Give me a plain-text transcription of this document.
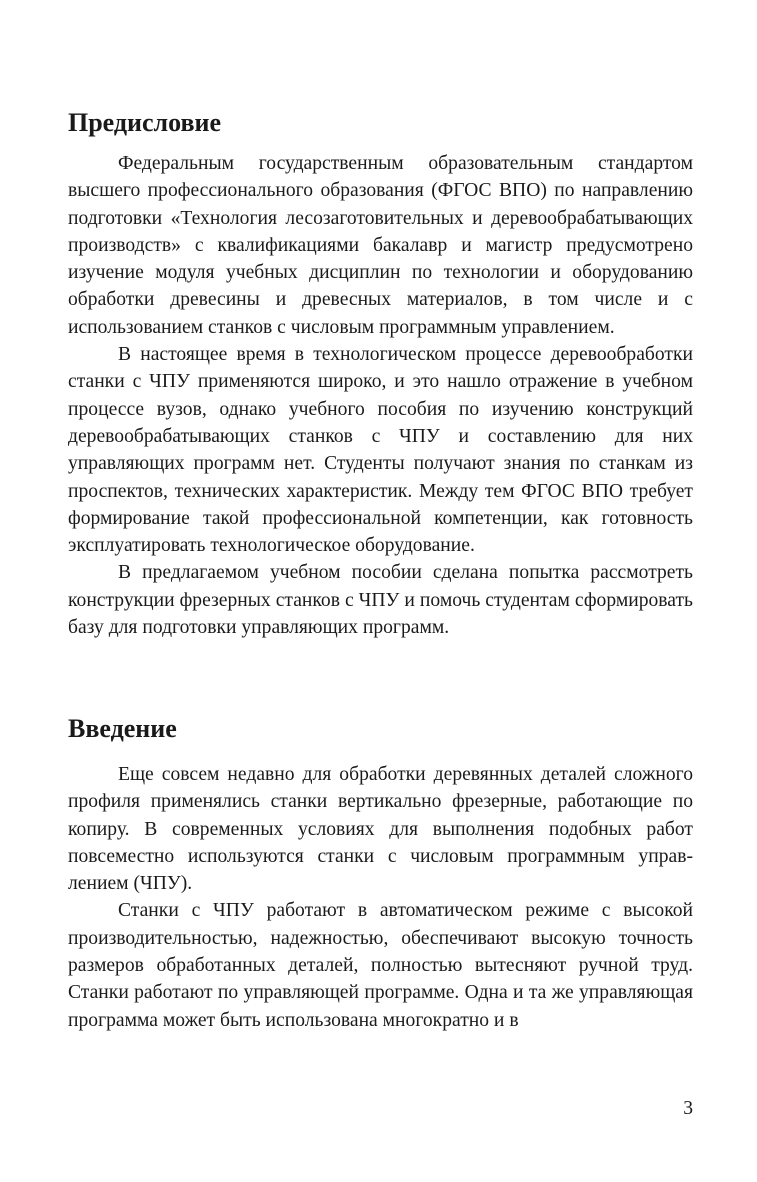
Предисловие

Федеральным государственным образовательным стандартом высшего профессионального образования (ФГОС ВПО) по направлению подготовки «Технология лесозаготовительных и деревообрабатывающих производств» с квалификациями бакалавр и магистр предусмотрено изучение модуля учебных дисциплин по технологии и оборудованию обработки древесины и древесных материалов, в том числе и с использованием станков с числовым программным управлением.

В настоящее время в технологическом процессе деревообработки станки с ЧПУ применяются широко, и это нашло отражение в учебном процессе вузов, однако учебного пособия по изучению конструкций деревообрабатывающих станков с ЧПУ и составлению для них управляющих программ нет. Студенты получают знания по станкам из проспектов, технических характеристик. Между тем ФГОС ВПО требует формирование такой профессиональной компетенции, как готовность эксплуатировать технологическое оборудование.

В предлагаемом учебном пособии сделана попытка рассмотреть конструкции фрезерных станков с ЧПУ и помочь студентам сформировать базу для подготовки управляющих программ.

Введение

Еще совсем недавно для обработки деревянных деталей сложного профиля применялись станки вертикально фрезерные, работающие по копиру. В современных условиях для выполнения подобных работ повсеместно используются станки с числовым программным управлением (ЧПУ).

Станки с ЧПУ работают в автоматическом режиме с высокой производительностью, надежностью, обеспечивают высокую точность размеров обработанных деталей, полностью вытесняют ручной труд. Станки работают по управляющей программе. Одна и та же управляющая программа может быть использована многократно и в

3
